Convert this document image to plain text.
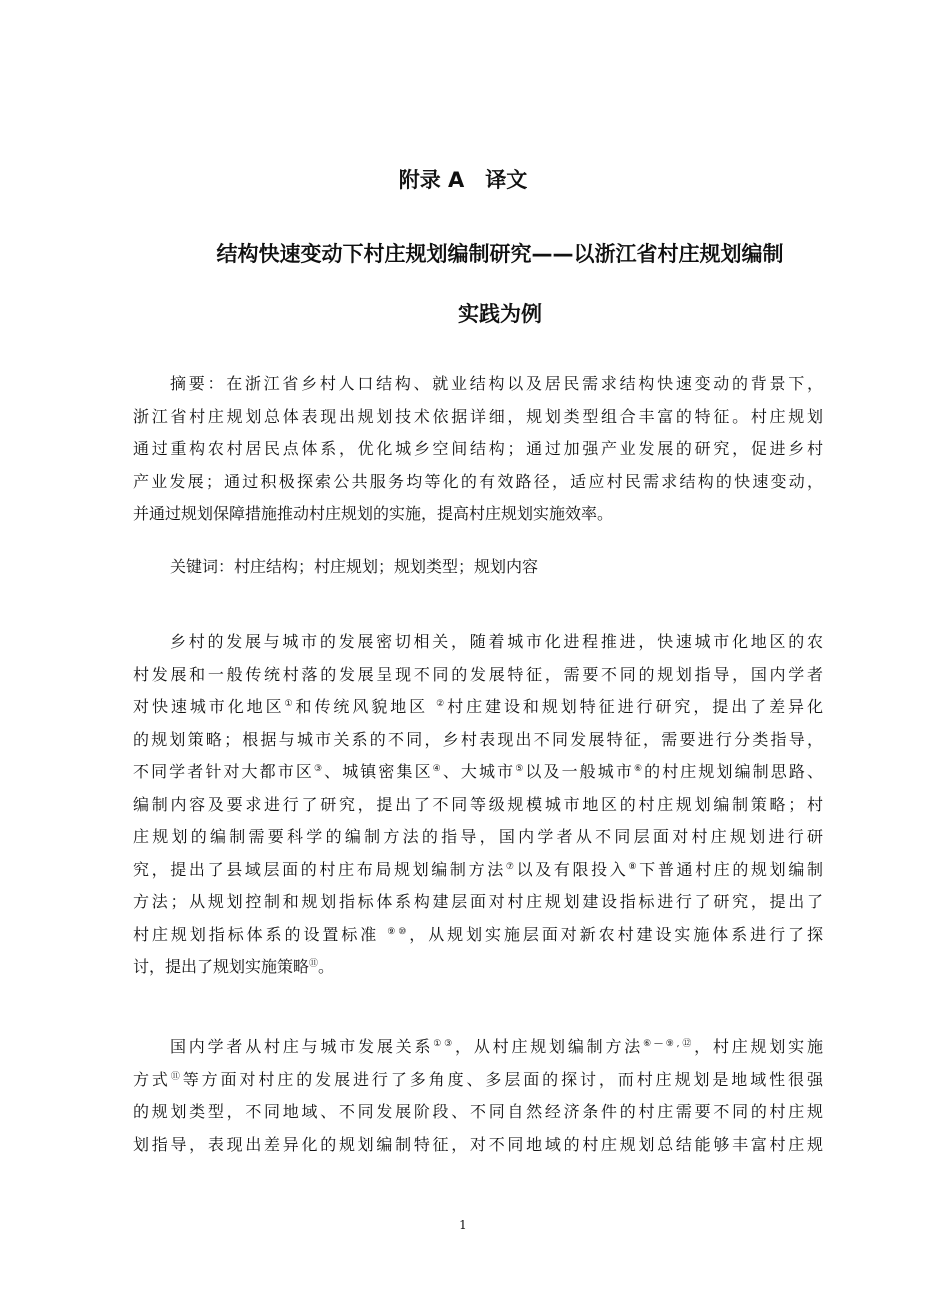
附录 A　译文
结构快速变动下村庄规划编制研究——以浙江省村庄规划编制
实践为例
摘要：在浙江省乡村人口结构、就业结构以及居民需求结构快速变动的背景下，
浙江省村庄规划总体表现出规划技术依据详细，规划类型组合丰富的特征。村庄规划
通过重构农村居民点体系，优化城乡空间结构；通过加强产业发展的研究，促进乡村
产业发展；通过积极探索公共服务均等化的有效路径，适应村民需求结构的快速变动，
并通过规划保障措施推动村庄规划的实施，提高村庄规划实施效率。
关键词：村庄结构；村庄规划；规划类型；规划内容
乡村的发展与城市的发展密切相关，随着城市化进程推进，快速城市化地区的农
村发展和一般传统村落的发展呈现不同的发展特征，需要不同的规划指导，国内学者
对快速城市化地区①和传统风貌地区 ②村庄建设和规划特征进行研究，提出了差异化
的规划策略；根据与城市关系的不同，乡村表现出不同发展特征，需要进行分类指导，
不同学者针对大都市区③、城镇密集区④、大城市⑤以及一般城市⑥的村庄规划编制思路、
编制内容及要求进行了研究，提出了不同等级规模城市地区的村庄规划编制策略；村
庄规划的编制需要科学的编制方法的指导，国内学者从不同层面对村庄规划进行研
究，提出了县域层面的村庄布局规划编制方法⑦以及有限投入⑧下普通村庄的规划编制
方法；从规划控制和规划指标体系构建层面对村庄规划建设指标进行了研究，提出了
村庄规划指标体系的设置标准 ⑨⑩，从规划实施层面对新农村建设实施体系进行了探
讨，提出了规划实施策略⑪。
国内学者从村庄与城市发展关系①③，从村庄规划编制方法⑥—⑨,⑫，村庄规划实施
方式⑪等方面对村庄的发展进行了多角度、多层面的探讨，而村庄规划是地域性很强
的规划类型，不同地域、不同发展阶段、不同自然经济条件的村庄需要不同的村庄规
划指导，表现出差异化的规划编制特征，对不同地域的村庄规划总结能够丰富村庄规

1
